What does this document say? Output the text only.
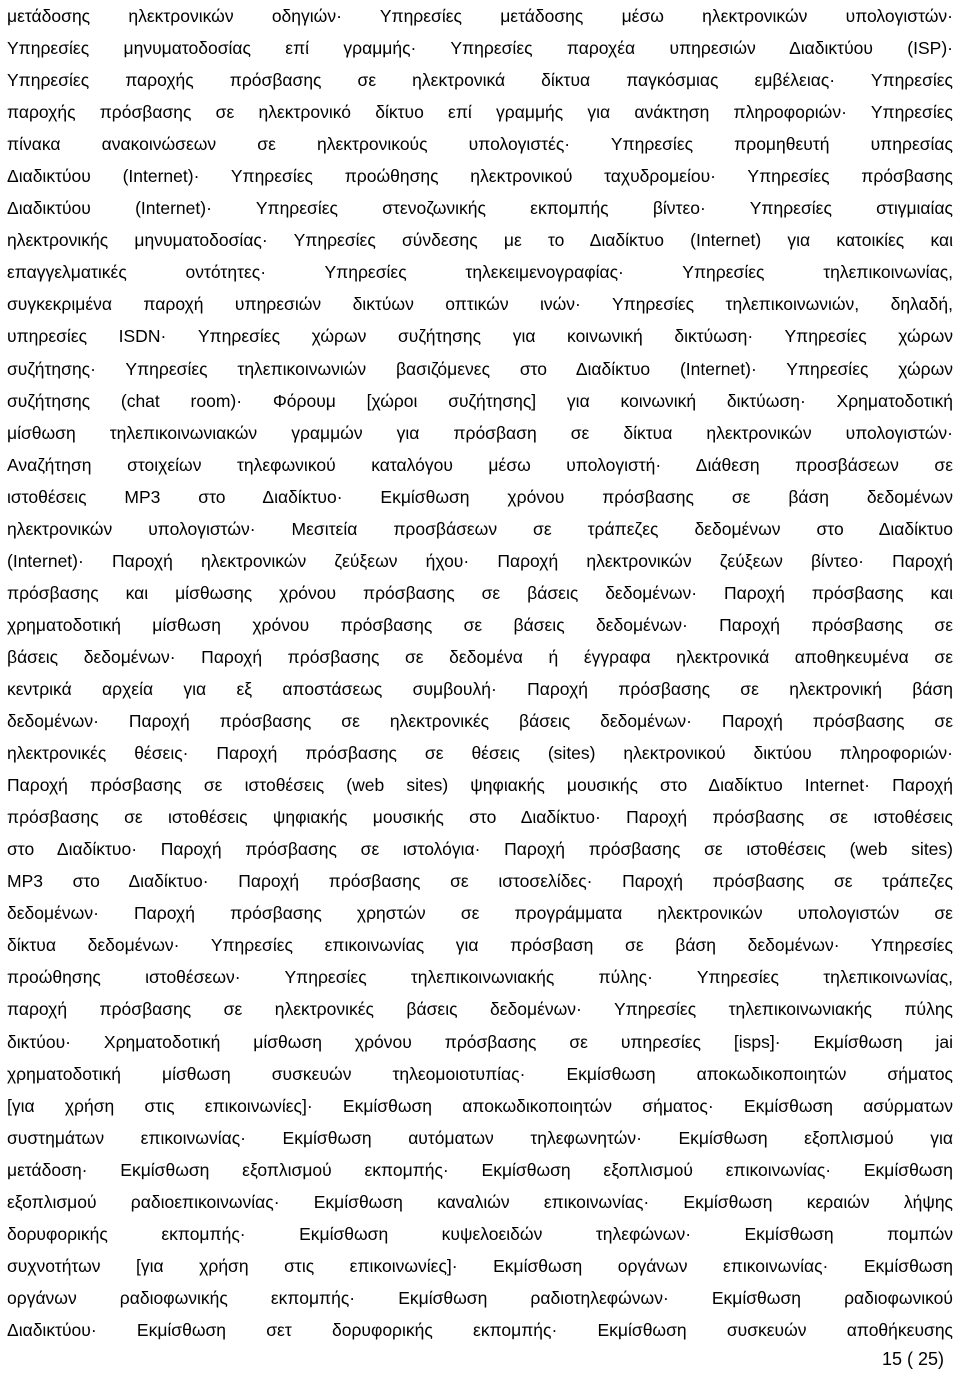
μετάδοσης ηλεκτρονικών οδηγιών· Υπηρεσίες μετάδοσης μέσω ηλεκτρονικών υπολογιστών·
Υπηρεσίες μηνυματοδοσίας επί γραμμής· Υπηρεσίες παροχέα υπηρεσιών Διαδικτύου (ISP)·
Υπηρεσίες παροχής πρόσβασης σε ηλεκτρονικά δίκτυα παγκόσμιας εμβέλειας· Υπηρεσίες
παροχής πρόσβασης σε ηλεκτρονικό δίκτυο επί γραμμής για ανάκτηση πληροφοριών· Υπηρεσίες
πίνακα ανακοινώσεων σε ηλεκτρονικούς υπολογιστές· Υπηρεσίες προμηθευτή υπηρεσίας
Διαδικτύου (Internet)· Υπηρεσίες προώθησης ηλεκτρονικού ταχυδρομείου· Υπηρεσίες πρόσβασης
Διαδικτύου (Internet)· Υπηρεσίες στενοζωνικής εκπομπής βίντεο· Υπηρεσίες στιγμιαίας
ηλεκτρονικής μηνυματοδοσίας· Υπηρεσίες σύνδεσης με το Διαδίκτυο (Internet) για κατοικίες και
επαγγελματικές οντότητες· Υπηρεσίες τηλεκειμενογραφίας· Υπηρεσίες τηλεπικοινωνίας,
συγκεκριμένα παροχή υπηρεσιών δικτύων οπτικών ινών· Υπηρεσίες τηλεπικοινωνιών, δηλαδή,
υπηρεσίες ISDN· Υπηρεσίες χώρων συζήτησης για κοινωνική δικτύωση· Υπηρεσίες χώρων
συζήτησης· Υπηρεσίες τηλεπικοινωνιών βασιζόμενες στο Διαδίκτυο (Internet)· Υπηρεσίες χώρων
συζήτησης (chat room)· Φόρουμ [χώροι συζήτησης] για κοινωνική δικτύωση· Χρηματοδοτική
μίσθωση τηλεπικοινωνιακών γραμμών για πρόσβαση σε δίκτυα ηλεκτρονικών υπολογιστών·
Αναζήτηση στοιχείων τηλεφωνικού καταλόγου μέσω υπολογιστή· Διάθεση προσβάσεων σε
ιστοθέσεις MP3 στο Διαδίκτυο· Εκμίσθωση χρόνου πρόσβασης σε βάση δεδομένων
ηλεκτρονικών υπολογιστών· Μεσιτεία προσβάσεων σε τράπεζες δεδομένων στο Διαδίκτυο
(Internet)· Παροχή ηλεκτρονικών ζεύξεων ήχου· Παροχή ηλεκτρονικών ζεύξεων βίντεο· Παροχή
πρόσβασης και μίσθωσης χρόνου πρόσβασης σε βάσεις δεδομένων· Παροχή πρόσβασης και
χρηματοδοτική μίσθωση χρόνου πρόσβασης σε βάσεις δεδομένων· Παροχή πρόσβασης σε
βάσεις δεδομένων· Παροχή πρόσβασης σε δεδομένα ή έγγραφα ηλεκτρονικά αποθηκευμένα σε
κεντρικά αρχεία για εξ αποστάσεως συμβουλή· Παροχή πρόσβασης σε ηλεκτρονική βάση
δεδομένων· Παροχή πρόσβασης σε ηλεκτρονικές βάσεις δεδομένων· Παροχή πρόσβασης σε
ηλεκτρονικές θέσεις· Παροχή πρόσβασης σε θέσεις (sites) ηλεκτρονικού δικτύου πληροφοριών·
Παροχή πρόσβασης σε ιστοθέσεις (web sites) ψηφιακής μουσικής στο Διαδίκτυο Internet· Παροχή
πρόσβασης σε ιστοθέσεις ψηφιακής μουσικής στο Διαδίκτυο· Παροχή πρόσβασης σε ιστοθέσεις
στο Διαδίκτυο· Παροχή πρόσβασης σε ιστολόγια· Παροχή πρόσβασης σε ιστοθέσεις (web sites)
MP3 στο Διαδίκτυο· Παροχή πρόσβασης σε ιστοσελίδες· Παροχή πρόσβασης σε τράπεζες
δεδομένων· Παροχή πρόσβασης χρηστών σε προγράμματα ηλεκτρονικών υπολογιστών σε
δίκτυα δεδομένων· Υπηρεσίες επικοινωνίας για πρόσβαση σε βάση δεδομένων· Υπηρεσίες
προώθησης ιστοθέσεων· Υπηρεσίες τηλεπικοινωνιακής πύλης· Υπηρεσίες τηλεπικοινωνίας,
παροχή πρόσβασης σε ηλεκτρονικές βάσεις δεδομένων· Υπηρεσίες τηλεπικοινωνιακής πύλης
δικτύου· Χρηματοδοτική μίσθωση χρόνου πρόσβασης σε υπηρεσίες [isps]· Εκμίσθωση jai
χρηματοδοτική μίσθωση συσκευών τηλεομοιοτυπίας· Εκμίσθωση αποκωδικοποιητών σήματος
[για χρήση στις επικοινωνίες]· Εκμίσθωση αποκωδικοποιητών σήματος· Εκμίσθωση ασύρματων
συστημάτων επικοινωνίας· Εκμίσθωση αυτόματων τηλεφωνητών· Εκμίσθωση εξοπλισμού για
μετάδοση· Εκμίσθωση εξοπλισμού εκπομπής· Εκμίσθωση εξοπλισμού επικοινωνίας· Εκμίσθωση
εξοπλισμού ραδιοεπικοινωνίας· Εκμίσθωση καναλιών επικοινωνίας· Εκμίσθωση κεραιών λήψης
δορυφορικής εκπομπής· Εκμίσθωση κυψελοειδών τηλεφώνων· Εκμίσθωση πομπών
συχνοτήτων [για χρήση στις επικοινωνίες]· Εκμίσθωση οργάνων επικοινωνίας· Εκμίσθωση
οργάνων ραδιοφωνικής εκπομπής· Εκμίσθωση ραδιοτηλεφώνων· Εκμίσθωση ραδιοφωνικού
Διαδικτύου· Εκμίσθωση σετ δορυφορικής εκπομπής· Εκμίσθωση συσκευών αποθήκευσης
15 ( 25)
